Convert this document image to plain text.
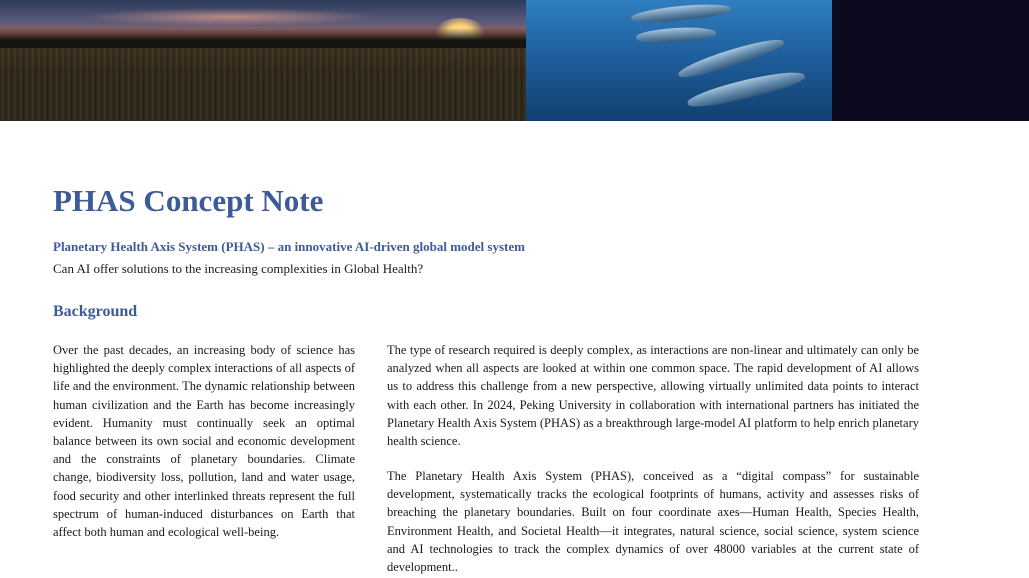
PHAS Concept Note

Planetary Health Axis System (PHAS) – an innovative AI-driven global model system

Can AI offer solutions to the increasing complexities in Global Health?

Background

Over the past decades, an increasing body of science has highlighted the deeply complex interactions of all aspects of life and the environment. The dynamic relationship between human civilization and the Earth has become increasingly evident. Humanity must continually seek an optimal balance between its own social and economic development and the constraints of planetary boundaries. Climate change, biodiversity loss, pollution, land and water usage, food security and other interlinked threats represent the full spectrum of human-induced disturbances on Earth that affect both human and ecological well-being.

The type of research required is deeply complex, as interactions are non-linear and ultimately can only be analyzed when all aspects are looked at within one common space. The rapid development of AI allows us to address this challenge from a new perspective, allowing virtually unlimited data points to interact with each other. In 2024, Peking University in collaboration with international partners has initiated the Planetary Health Axis System (PHAS) as a breakthrough large-model AI platform to help enrich planetary health science.

The Planetary Health Axis System (PHAS), conceived as a “digital compass” for sustainable development, systematically tracks the ecological footprints of humans, activity and assesses risks of breaching the planetary boundaries. Built on four coordinate axes—Human Health, Species Health, Environment Health, and Societal Health—it integrates, natural science, social science, system science and AI technologies to track the complex dynamics of over 48000 variables at the current state of development..
